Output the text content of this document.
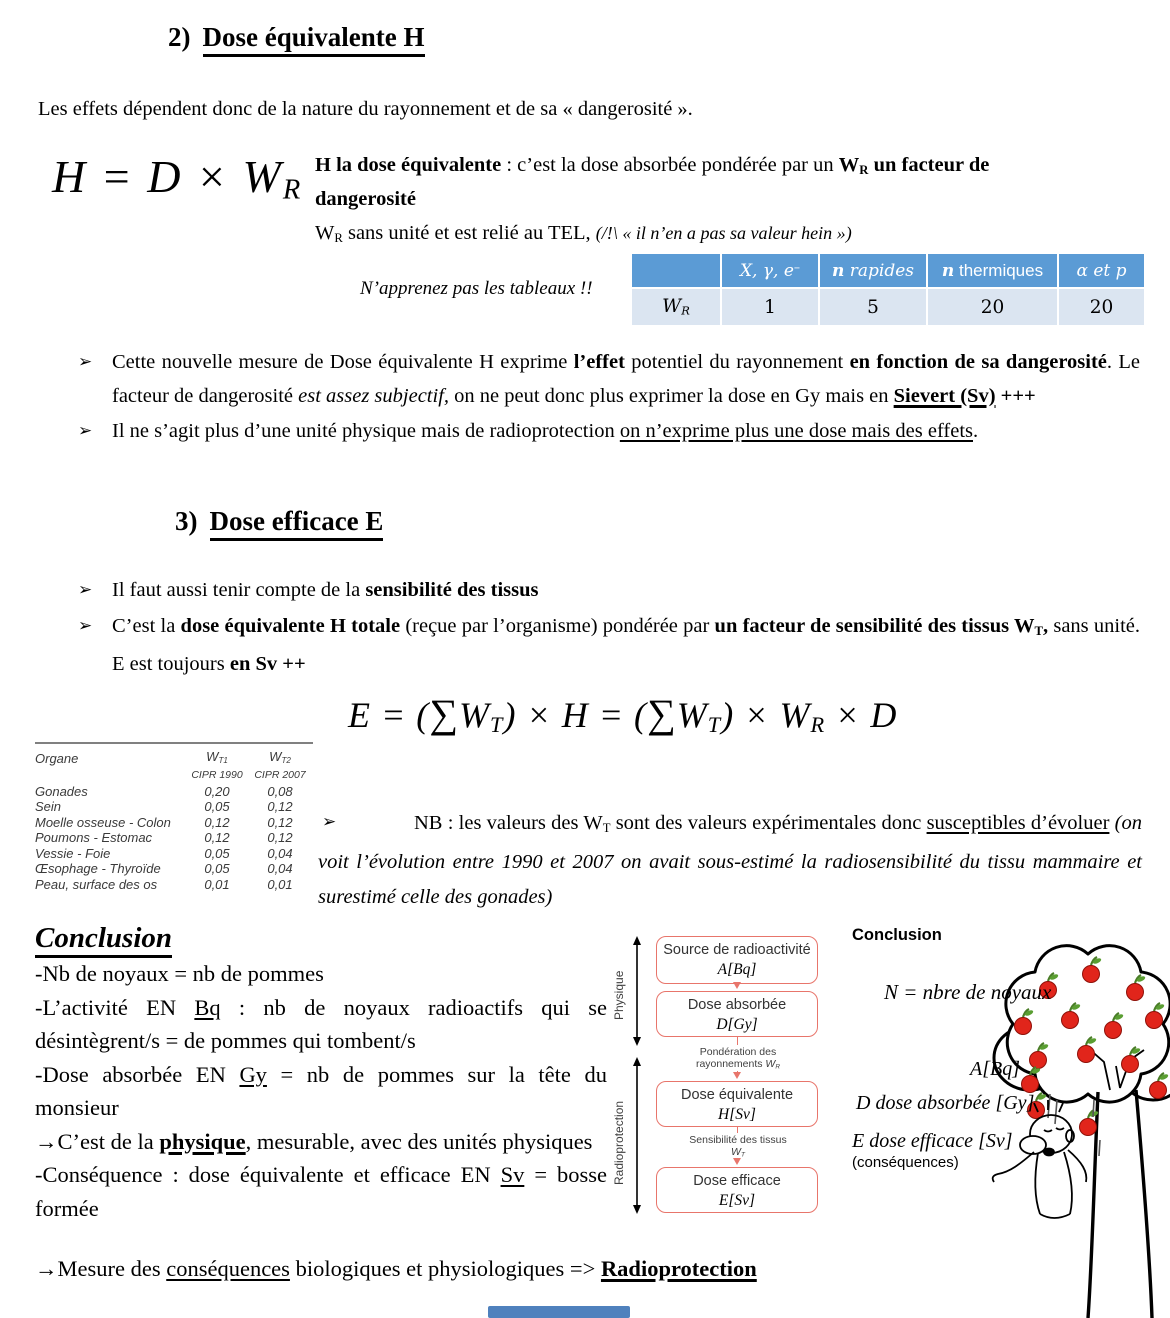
2) Dose équivalente H
Les effets dépendent donc de la nature du rayonnement et de sa « dangerosité ».
H = D × WR
H la dose équivalente : c’est la dose absorbée pondérée par un WR un facteur de
dangerosité
WR sans unité et est relié au TEL, (/!\ « il n’en a pas sa valeur hein »)
N’apprenez pas les tableaux !!
	X, γ, e−	n rapides	n thermiques	α et p
WR	1	5	20	20
➢ Cette nouvelle mesure de Dose équivalente H exprime l’effet potentiel du rayonnement en fonction de sa dangerosité. Le facteur de dangerosité est assez subjectif, on ne peut donc plus exprimer la dose en Gy mais en Sievert (Sv) +++
➢ Il ne s’agit plus d’une unité physique mais de radioprotection on n’exprime plus une dose mais des effets.
3) Dose efficace E
➢ Il faut aussi tenir compte de la sensibilité des tissus
➢ C’est la dose équivalente H totale (reçue par l’organisme) pondérée par un facteur de sensibilité des tissus WT, sans unité. E est toujours en Sv ++
E = (∑WT) × H = (∑WT) × WR × D
Organe	WT1	WT2
	CIPR 1990	CIPR 2007
Gonades	0,20	0,08
Sein	0,05	0,12
Moelle osseuse - Colon	0,12	0,12
Poumons - Estomac	0,12	0,12
Vessie - Foie	0,05	0,04
Œsophage - Thyroïde	0,05	0,04
Peau, surface des os	0,01	0,01
➢	NB : les valeurs des WT sont des valeurs expérimentales donc susceptibles d’évoluer (on voit l’évolution entre 1990 et 2007 on avait sous-estimé la radiosensibilité du tissu mammaire et surestimé celle des gonades)
Conclusion
-Nb de noyaux = nb de pommes
-L’activité EN Bq : nb de noyaux radioactifs qui se désintègrent/s = de pommes qui tombent/s
-Dose absorbée EN Gy = nb de pommes sur la tête du monsieur
→C’est de la physique, mesurable, avec des unités physiques
-Conséquence : dose équivalente et efficace EN Sv = bosse formée
→Mesure des conséquences biologiques et physiologiques => Radioprotection
Physique
Radioprotection
Source de radioactivité
A[Bq]
Dose absorbée
D[Gy]
Pondération des
rayonnements WR
Dose équivalente
H[Sv]
Sensibilité des tissus
WT
Dose efficace
E[Sv]
Conclusion
N = nbre de noyaux
A[Bq]
D dose absorbée [Gy]
E dose efficace [Sv]
(conséquences)
